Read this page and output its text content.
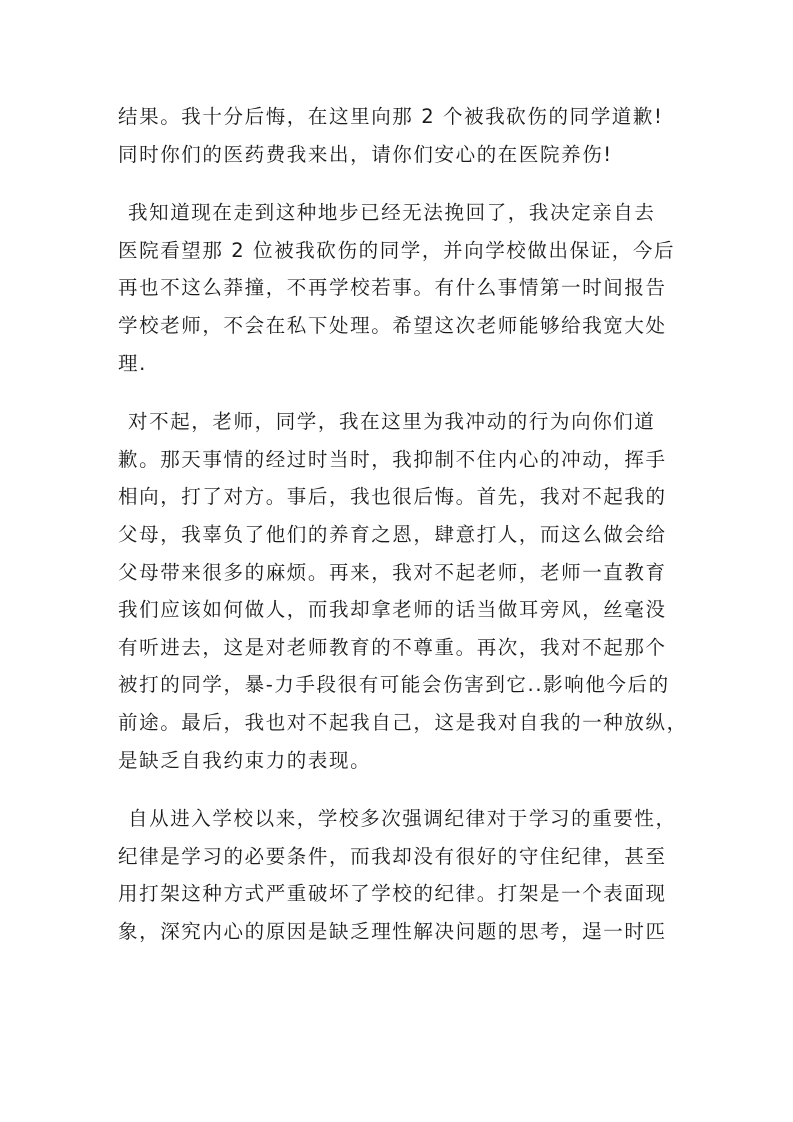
结果。我十分后悔，在这里向那 2 个被我砍伤的同学道歉!
同时你们的医药费我来出，请你们安心的在医院养伤!

我知道现在走到这种地步已经无法挽回了，我决定亲自去
医院看望那 2 位被我砍伤的同学，并向学校做出保证，今后
再也不这么莽撞，不再学校若事。有什么事情第一时间报告
学校老师，不会在私下处理。希望这次老师能够给我宽大处
理.

对不起，老师，同学，我在这里为我冲动的行为向你们道
歉。那天事情的经过时当时，我抑制不住内心的冲动，挥手
相向，打了对方。事后，我也很后悔。首先，我对不起我的
父母，我辜负了他们的养育之恩，肆意打人，而这么做会给
父母带来很多的麻烦。再来，我对不起老师，老师一直教育
我们应该如何做人，而我却拿老师的话当做耳旁风，丝毫没
有听进去，这是对老师教育的不尊重。再次，我对不起那个
被打的同学，暴-力手段很有可能会伤害到它..影响他今后的
前途。最后，我也对不起我自己，这是我对自我的一种放纵，
是缺乏自我约束力的表现。

自从进入学校以来，学校多次强调纪律对于学习的重要性，
纪律是学习的必要条件，而我却没有很好的守住纪律，甚至
用打架这种方式严重破坏了学校的纪律。打架是一个表面现
象，深究内心的原因是缺乏理性解决问题的思考，逞一时匹
